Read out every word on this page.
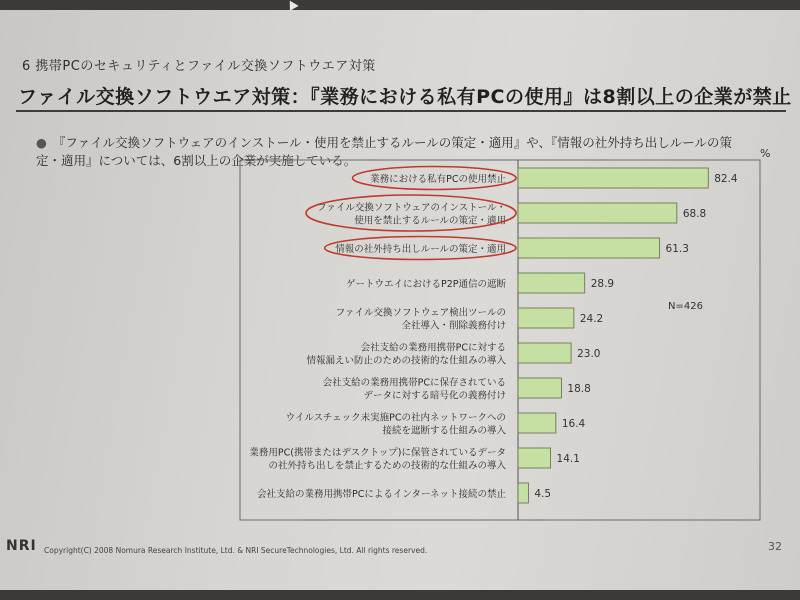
6 携帯PCのセキュリティとファイル交換ソフトウエア対策
ファイル交換ソフトウエア対策：『業務における私有PCの使用』は8割以上の企業が禁止
● 『ファイル交換ソフトウェアのインストール・使用を禁止するルールの策定・適用』や、『情報の社外持ち出しルールの策定・適用』については、6割以上の企業が実施している。	%
82.4
業務における私有PCの使用禁止
68.8
ファイル交換ソフトウェアのインストール・
使用を禁止するルールの策定・適用
61.3
情報の社外持ち出しルールの策定・適用
28.9
ゲートウエイにおけるP2P通信の遮断
24.2
ファイル交換ソフトウェア検出ツールの
全社導入・削除義務付け
23.0
会社支給の業務用携帯PCに対する
情報漏えい防止のための技術的な仕組みの導入
18.8
会社支給の業務用携帯PCに保存されている
データに対する暗号化の義務付け
16.4
ウイルスチェック未実施PCの社内ネットワークへの
接続を遮断する仕組みの導入
14.1
業務用PC(携帯またはデスクトップ)に保管されているデータ
の社外持ち出しを禁止するための技術的な仕組みの導入
4.5
会社支給の業務用携帯PCによるインターネット接続の禁止
N=426
NRI Copyright(C) 2008 Nomura Research Institute, Ltd. & NRI SecureTechnologies, Ltd. All rights reserved.	32
